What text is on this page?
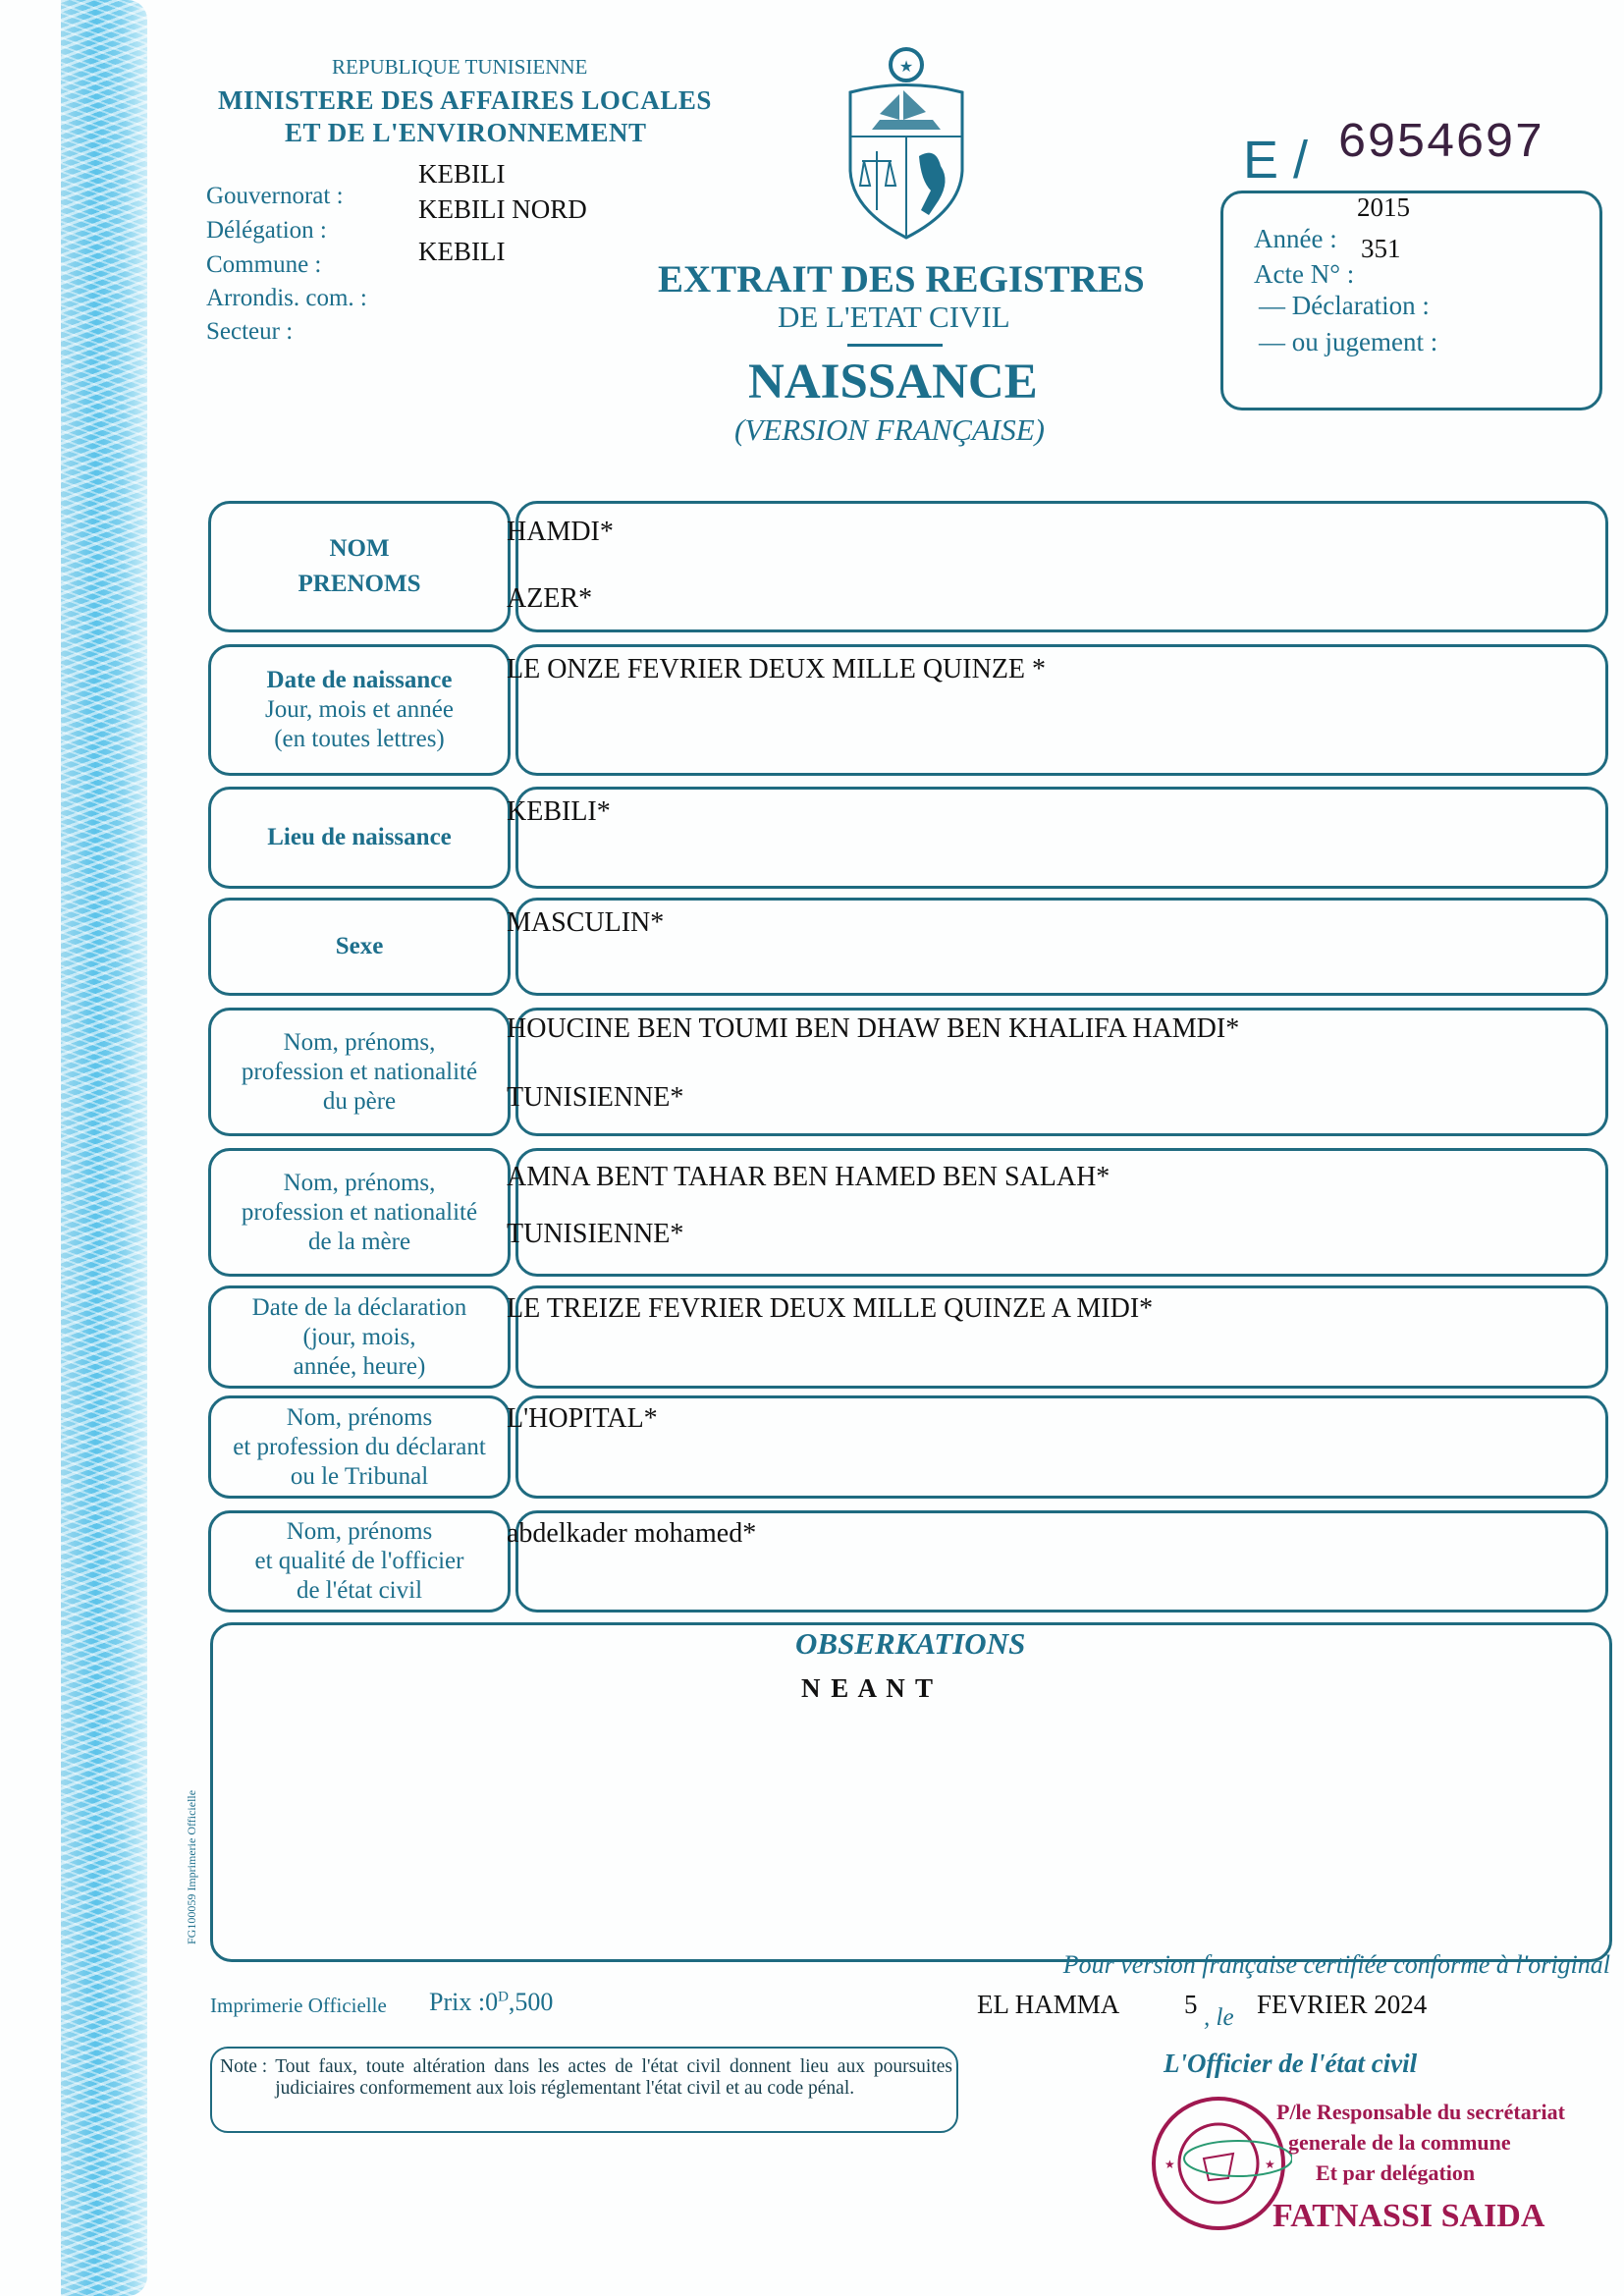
REPUBLIQUE TUNISIENNE
MINISTERE DES AFFAIRES LOCALES
ET DE L'ENVIRONNEMENT
Gouvernorat :
Délégation :
Commune :
Arrondis. com. :
Secteur :
KEBILI
KEBILI NORD
KEBILI
★
EXTRAIT DES REGISTRES
DE L'ETAT CIVIL
NAISSANCE
(VERSION FRANÇAISE)
E / 6954697
2015
Année : 351
Acte N° :
— Déclaration :
— ou jugement :
NOM
PRENOMS
HAMDI*
AZER*
Date de naissance
Jour, mois et année
(en toutes lettres)
LE ONZE FEVRIER DEUX MILLE QUINZE *
Lieu de naissance
KEBILI*
Sexe
MASCULIN*
Nom, prénoms,
profession et nationalité
du père
HOUCINE BEN TOUMI BEN DHAW BEN KHALIFA HAMDI*
TUNISIENNE*
Nom, prénoms,
profession et nationalité
de la mère
AMNA BENT TAHAR BEN HAMED BEN SALAH*
TUNISIENNE*
Date de la déclaration
(jour, mois,
année, heure)
LE TREIZE FEVRIER DEUX MILLE QUINZE A MIDI*
Nom, prénoms
et profession du déclarant
ou le Tribunal
L'HOPITAL*
Nom, prénoms
et qualité de l'officier
de l'état civil
abdelkader mohamed*
OBSERKATIONS
N E A N T
FG100059 Imprimerie Officielle
Imprimerie Officielle Prix $:0^D,500$
Pour version française certifiée conforme à l'original
EL HAMMA 5 , le FEVRIER 2024
Note : Tout faux, toute altération dans les actes de l'état civil donnent lieu aux poursuites judiciaires conformement aux lois réglementant l'état civil et au code pénal.
L'Officier de l'état civil
★	★
P/le Responsable du secrétariat
generale de la commune
Et par delégation
FATNASSI SAIDA
